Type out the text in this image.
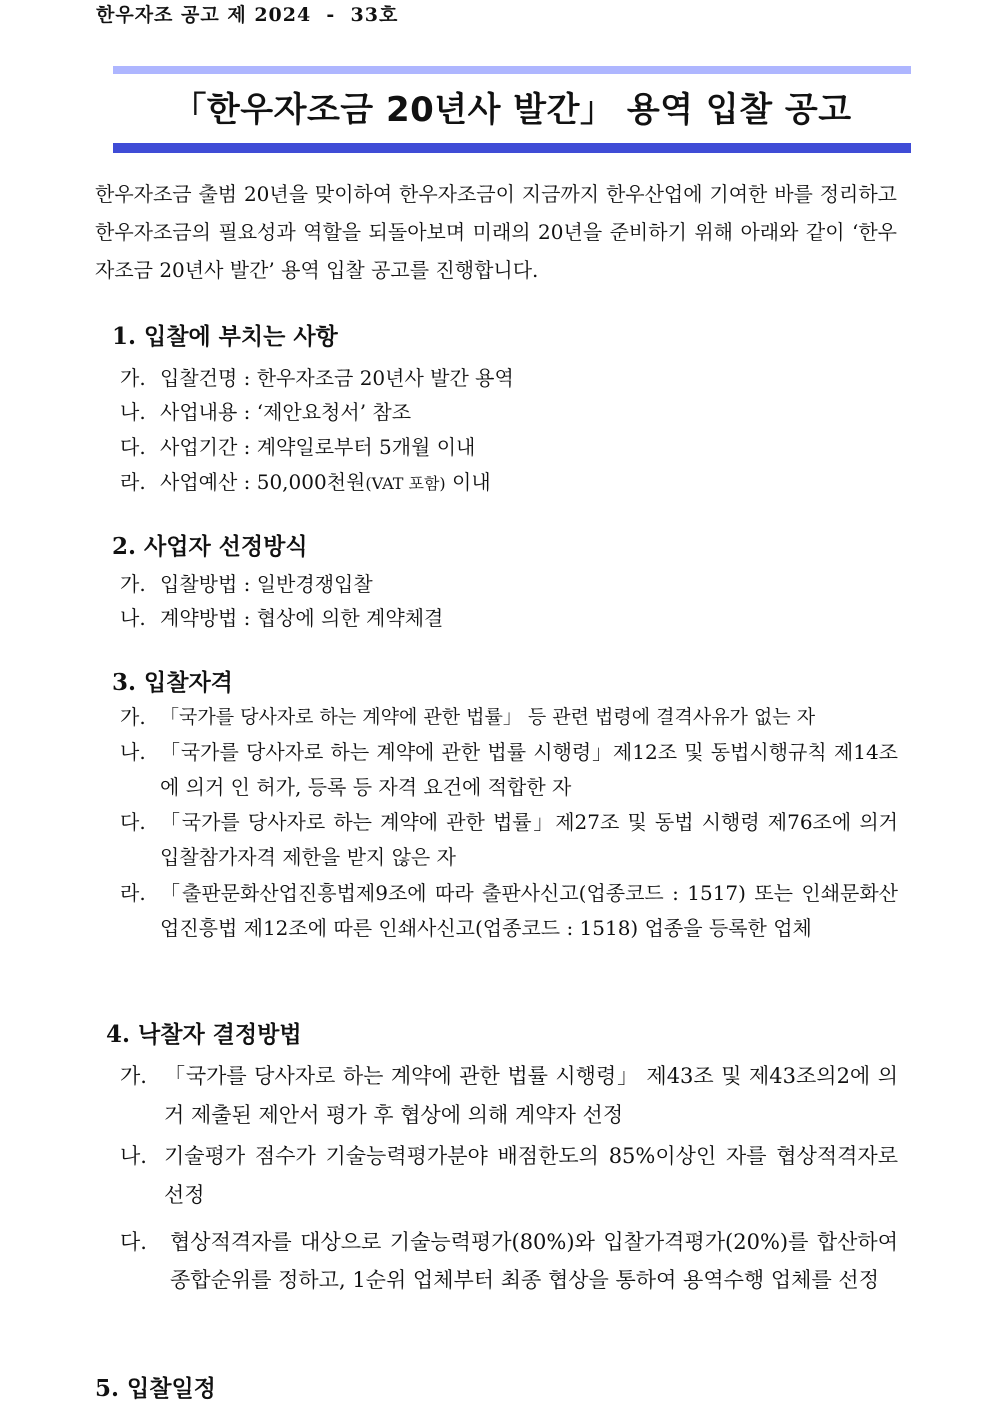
한우자조 공고 제 2024  -  33호
「한우자조금 20년사 발간」 용역 입찰 공고
한우자조금 출범 20년을 맞이하여 한우자조금이 지금까지 한우산업에 기여한 바를 정리하고 한우자조금의 필요성과 역할을 되돌아보며 미래의 20년을 준비하기 위해 아래와 같이 ‘한우자조금 20년사 발간’ 용역 입찰 공고를 진행합니다.
1. 입찰에 부치는 사항
가. 입찰건명 : 한우자조금 20년사 발간 용역
나. 사업내용 : ‘제안요청서’ 참조
다. 사업기간 : 계약일로부터 5개월 이내
라. 사업예산 : 50,000천원(VAT 포함) 이내
2. 사업자 선정방식
가. 입찰방법 : 일반경쟁입찰
나. 계약방법 : 협상에 의한 계약체결
3. 입찰자격
가. 「국가를 당사자로 하는 계약에 관한 법률」 등 관련 법령에 결격사유가 없는 자
나. 「국가를 당사자로 하는 계약에 관한 법률 시행령」제12조 및 동법시행규칙 제14조에 의거 인 허가, 등록 등 자격 요건에 적합한 자
다. 「국가를 당사자로 하는 계약에 관한 법률」제27조 및 동법 시행령 제76조에 의거 입찰참가자격 제한을 받지 않은 자
라. 「출판문화산업진흥법제9조에 따라 출판사신고(업종코드 : 1517) 또는 인쇄문화산업진흥법 제12조에 따른 인쇄사신고(업종코드 : 1518) 업종을 등록한 업체
4. 낙찰자 결정방법
가. 「국가를 당사자로 하는 계약에 관한 법률 시행령」 제43조 및 제43조의2에 의거 제출된 제안서 평가 후 협상에 의해 계약자 선정
나. 기술평가 점수가 기술능력평가분야 배점한도의 85%이상인 자를 협상적격자로 선정
다. 협상적격자를 대상으로 기술능력평가(80%)와 입찰가격평가(20%)를 합산하여 종합순위를 정하고, 1순위 업체부터 최종 협상을 통하여 용역수행 업체를 선정
5. 입찰일정
